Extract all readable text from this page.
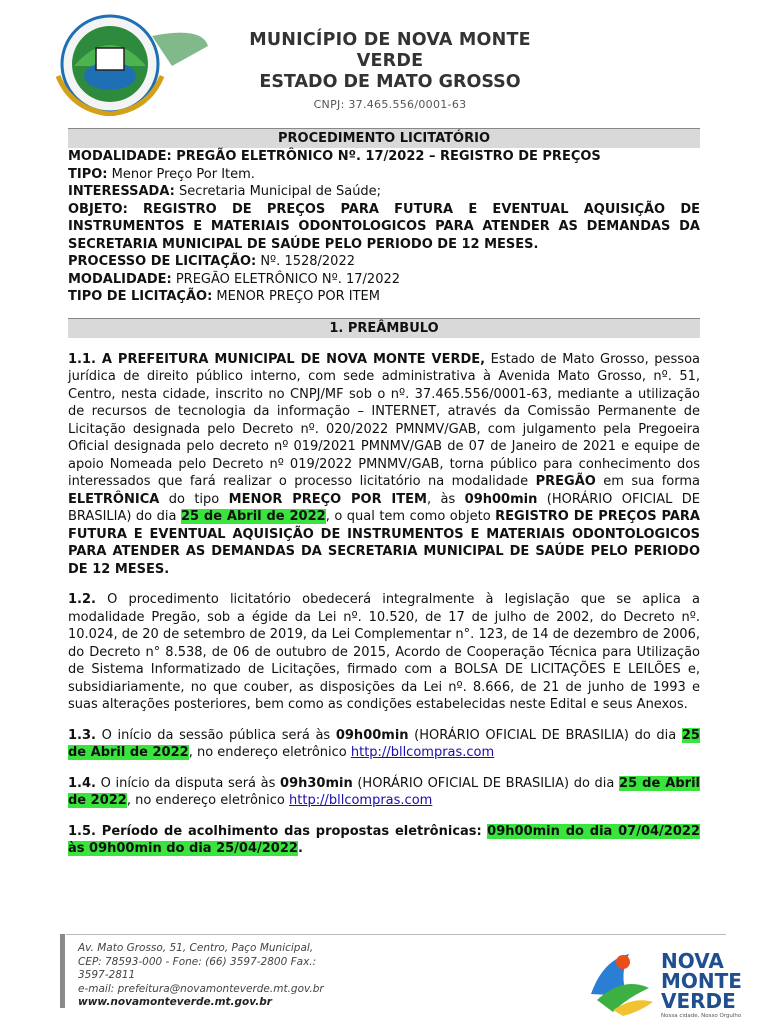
MUNICÍPIO DE NOVA MONTE VERDE
ESTADO DE MATO GROSSO
CNPJ: 37.465.556/0001-63
PROCEDIMENTO LICITATÓRIO

MODALIDADE: PREGÃO ELETRÔNICO Nº. 17/2022 – REGISTRO DE PREÇOS

TIPO: Menor Preço Por Item.

INTERESSADA: Secretaria Municipal de Saúde;

OBJETO: REGISTRO DE PREÇOS PARA FUTURA E EVENTUAL AQUISIÇÃO DE INSTRUMENTOS E MATERIAIS ODONTOLOGICOS PARA ATENDER AS DEMANDAS DA SECRETARIA MUNICIPAL DE SAÚDE PELO PERIODO DE 12 MESES.

PROCESSO DE LICITAÇÃO: Nº. 1528/2022

MODALIDADE: PREGÃO ELETRÔNICO Nº. 17/2022

TIPO DE LICITAÇÃO: MENOR PREÇO POR ITEM

1. PREÂMBULO

1.1. A PREFEITURA MUNICIPAL DE NOVA MONTE VERDE, Estado de Mato Grosso, pessoa jurídica de direito público interno, com sede administrativa à Avenida Mato Grosso, nº. 51, Centro, nesta cidade, inscrito no CNPJ/MF sob o nº. 37.465.556/0001-63, mediante a utilização de recursos de tecnologia da informação – INTERNET, através da Comissão Permanente de Licitação designada pelo Decreto nº. 020/2022 PMNMV/GAB, com julgamento pela Pregoeira Oficial designada pelo decreto nº 019/2021 PMNMV/GAB de 07 de Janeiro de 2021 e equipe de apoio Nomeada pelo Decreto nº 019/2022 PMNMV/GAB, torna público para conhecimento dos interessados que fará realizar o processo licitatório na modalidade PREGÃO em sua forma ELETRÔNICA do tipo MENOR PREÇO POR ITEM, às 09h00min (HORÁRIO OFICIAL DE BRASILIA) do dia 25 de Abril de 2022, o qual tem como objeto REGISTRO DE PREÇOS PARA FUTURA E EVENTUAL AQUISIÇÃO DE INSTRUMENTOS E MATERIAIS ODONTOLOGICOS PARA ATENDER AS DEMANDAS DA SECRETARIA MUNICIPAL DE SAÚDE PELO PERIODO DE 12 MESES.

1.2. O procedimento licitatório obedecerá integralmente à legislação que se aplica a modalidade Pregão, sob a égide da Lei nº. 10.520, de 17 de julho de 2002, do Decreto nº. 10.024, de 20 de setembro de 2019, da Lei Complementar n°. 123, de 14 de dezembro de 2006, do Decreto n° 8.538, de 06 de outubro de 2015, Acordo de Cooperação Técnica para Utilização de Sistema Informatizado de Licitações, firmado com a BOLSA DE LICITAÇÕES E LEILÕES e, subsidiariamente, no que couber, as disposições da Lei nº. 8.666, de 21 de junho de 1993 e suas alterações posteriores, bem como as condições estabelecidas neste Edital e seus Anexos.

1.3. O início da sessão pública será às 09h00min (HORÁRIO OFICIAL DE BRASILIA) do dia 25 de Abril de 2022, no endereço eletrônico http://bllcompras.com

1.4. O início da disputa será às 09h30min (HORÁRIO OFICIAL DE BRASILIA) do dia 25 de Abril de 2022, no endereço eletrônico http://bllcompras.com

1.5. Período de acolhimento das propostas eletrônicas: 09h00min do dia 07/04/2022 às 09h00min do dia 25/04/2022.

Av. Mato Grosso, 51, Centro, Paço Municipal,
CEP: 78593-000 - Fone: (66) 3597-2800 Fax.:
3597-2811
e-mail: prefeitura@novamonteverde.mt.gov.br
www.novamonteverde.mt.gov.br
NOVA
MONTE
VERDE
Nossa cidade, Nosso Orgulho
